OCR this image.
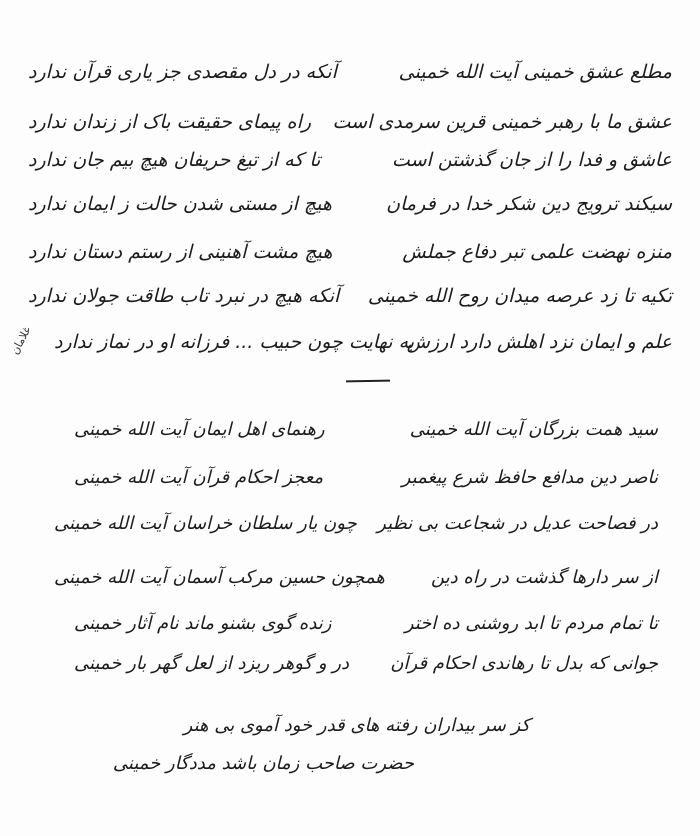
مطلع عشق خمینی آیت الله خمینی
آنکه در دل مقصدی جز یاری قرآن ندارد
عشق ما با رهبر خمینی قرین سرمدی است
راه پیمای حقیقت باک از زندان ندارد
عاشق و فدا را از جان گذشتن است
تا که از تیغ حریفان هیچ بیم جان ندارد
سیکند ترویج دین شکر خدا در فرمان
هیچ از مستی شدن حالت ز ایمان ندارد
منزه نهضت علمی تبر دفاع جملش
هیچ مشت آهنینی از رستم دستان ندارد
تکیه تا زد عرصه میدان روح الله خمینی
آنکه هیچ در نبرد تاب طاقت جولان ندارد
علم و ایمان نزد اهلش دارد ارزش
به نهایت چون حبیب ... فرزانه او در نماز ندارد
غلامان
سید همت بزرگان آیت الله خمینی
رهنمای اهل ایمان آیت الله خمینی
ناصر دین مدافع حافظ شرع پیغمبر
معجز احکام قرآن آیت الله خمینی
در فصاحت عدیل در شجاعت بی نظیر
چون یار سلطان خراسان آیت الله خمینی
از سر دارها گذشت در راه دین
همچون حسین مرکب آسمان آیت الله خمینی
تا تمام مردم تا ابد روشنی ده اختر
زنده گوی بشنو ماند نام آثار خمینی
جوانی که بدل تا رهاندی احکام قرآن
در و گوهر ریزد از لعل گهر بار خمینی
کز سر بیداران رفته های قدر خود آموی بی هنر
حضرت صاحب زمان باشد مددگار خمینی
